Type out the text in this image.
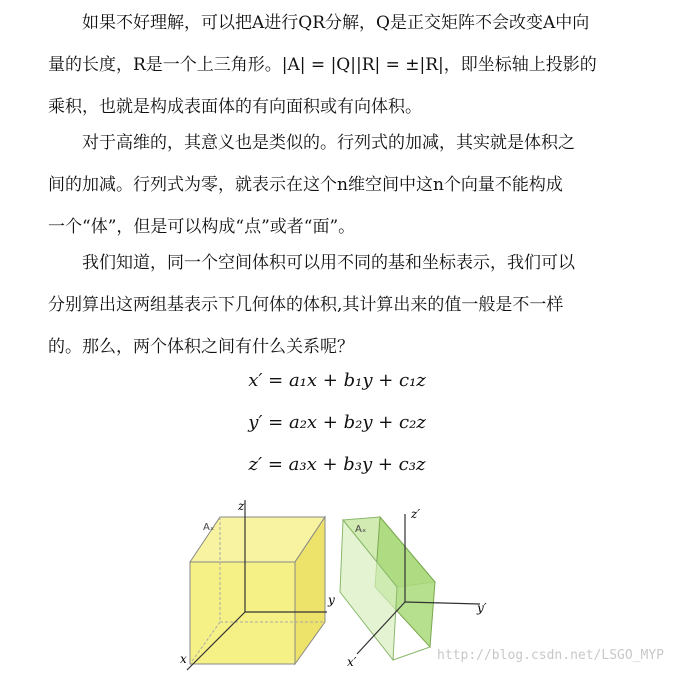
如果不好理解，可以把A进行QR分解，Q是正交矩阵不会改变A中向
量的长度，R是一个上三角形。|A| = |Q||R| = ±|R|，即坐标轴上投影的
乘积，也就是构成表面体的有向面积或有向体积。
对于高维的，其意义也是类似的。行列式的加减，其实就是体积之
间的加减。行列式为零，就表示在这个n维空间中这n个向量不能构成
一个“体”，但是可以构成“点”或者“面”。
我们知道，同一个空间体积可以用不同的基和坐标表示，我们可以
分别算出这两组基表示下几何体的体积,其计算出来的值一般是不一样
的。那么，两个体积之间有什么关系呢？
x′ = a₁x + b₁y + c₁z
y′ = a₂x + b₂y + c₂z
z′ = a₃x + b₃y + c₃z
z
y
x
Aₓ
z′
y′
x′
Aₓ
http://blog.csdn.net/LSGO_MYP
